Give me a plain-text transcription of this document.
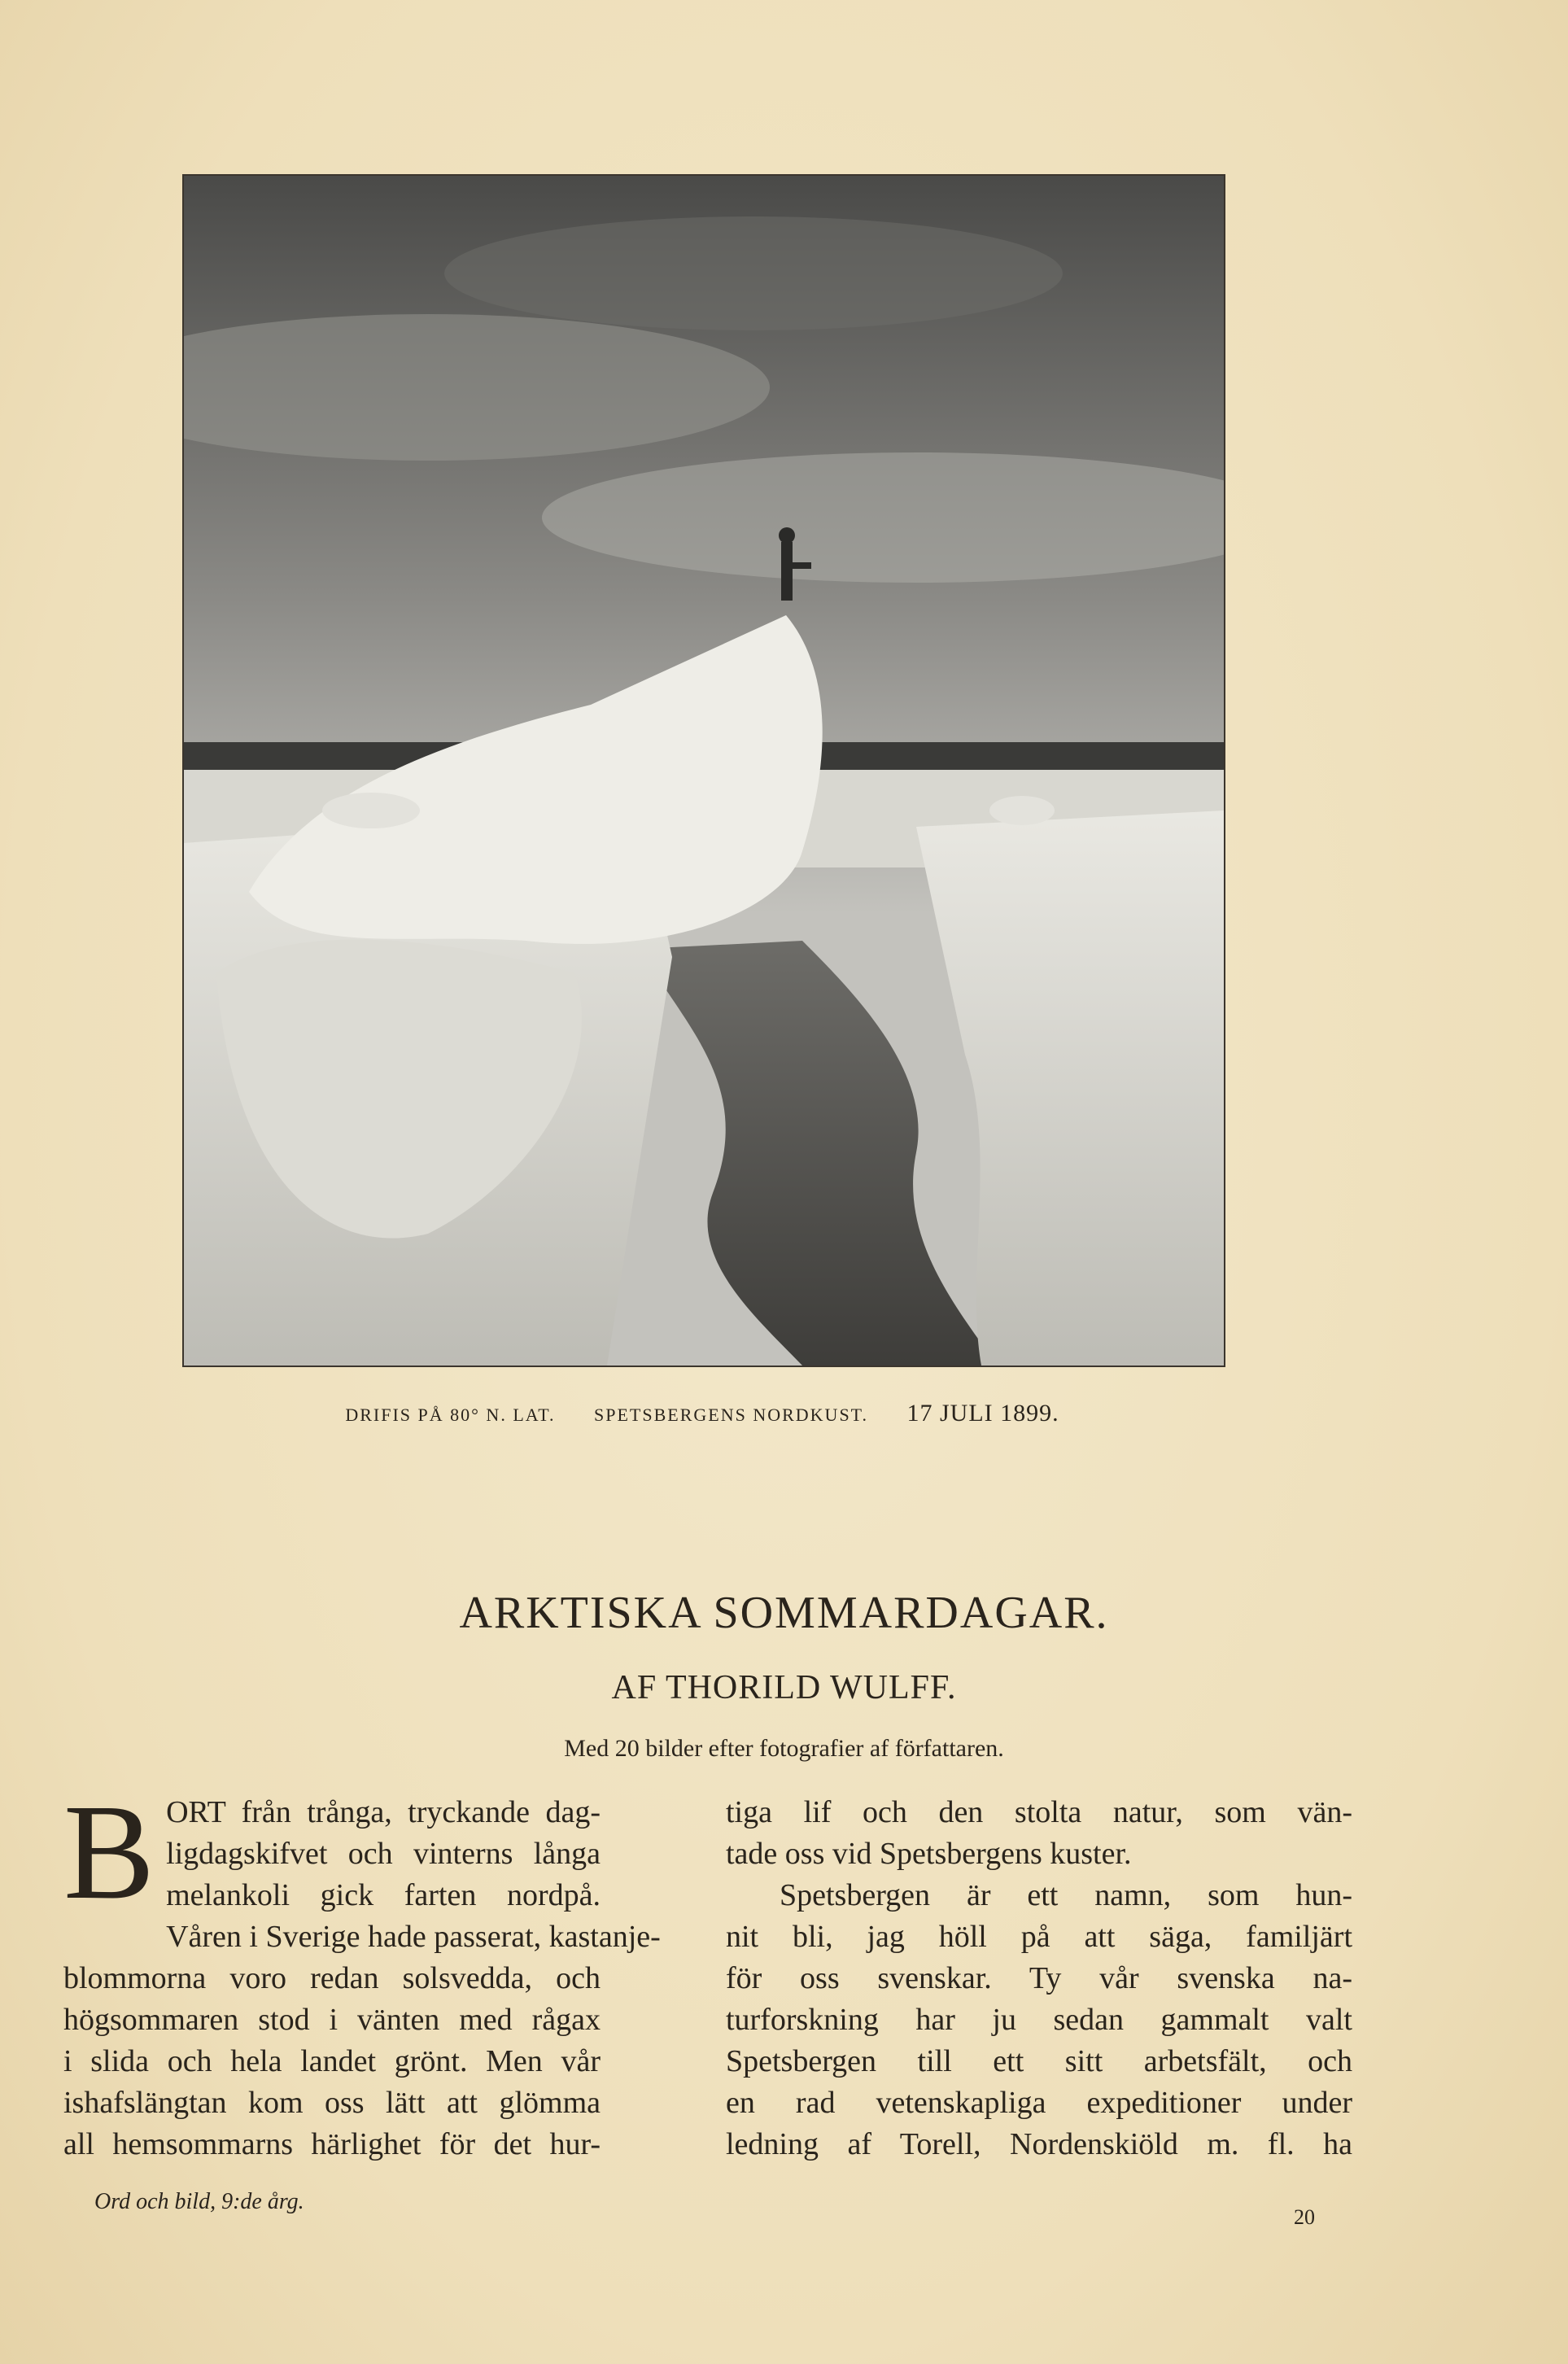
DRIFIS PÅ 80° N. LAT. SPETSBERGENS NORDKUST. 17 JULI 1899.
ARKTISKA SOMMARDAGAR.
AF THORILD WULFF.
Med 20 bilder efter fotografier af författaren.
B ORT från trånga, tryckande dag-
ligdagskifvet och vinterns långa
melankoli gick farten nordpå.
Våren i Sverige hade passerat, kastanje-
blommorna voro redan solsvedda, och
högsommaren stod i vänten med rågax
i slida och hela landet grönt. Men vår
ishafslängtan kom oss lätt att glömma
all hemsommarns härlighet för det hur-
tiga lif och den stolta natur, som vän-
tade oss vid Spetsbergens kuster.
Spetsbergen är ett namn, som hun-
nit bli, jag höll på att säga, familjärt
för oss svenskar. Ty vår svenska na-
turforskning har ju sedan gammalt valt
Spetsbergen till ett sitt arbetsfält, och
en rad vetenskapliga expeditioner under
ledning af Torell, Nordenskiöld m. fl. ha
Ord och bild, 9:de årg.
20
